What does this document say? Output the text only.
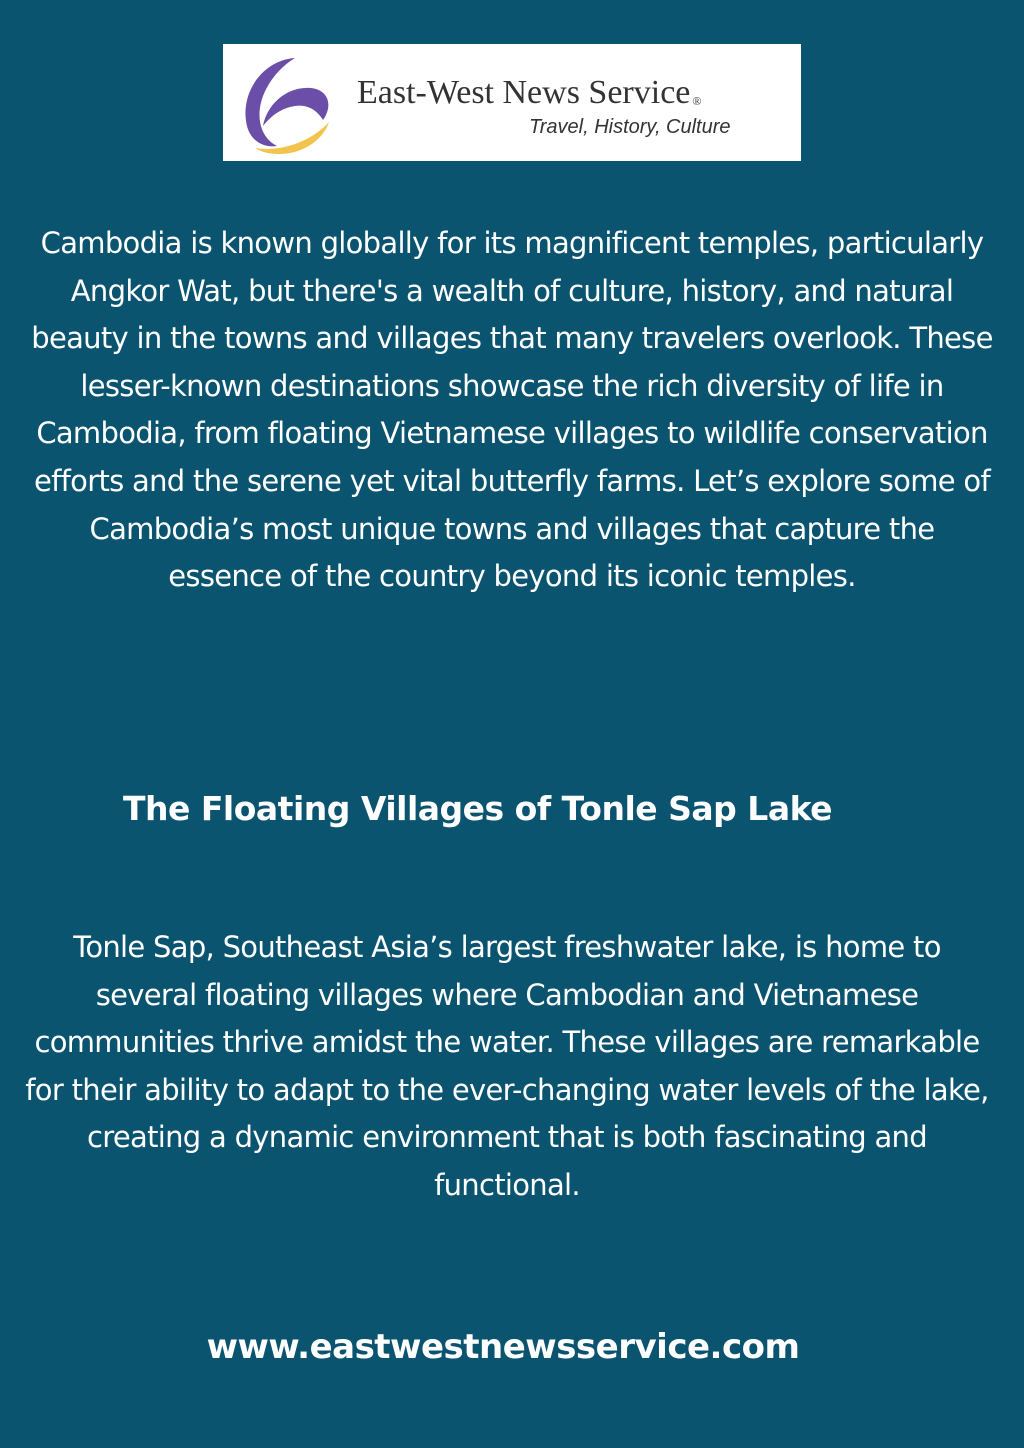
East-West News Service ®
Travel, History, Culture

Cambodia is known globally for its magnificent temples, particularly Angkor Wat, but there's a wealth of culture, history, and natural beauty in the towns and villages that many travelers overlook. These lesser-known destinations showcase the rich diversity of life in Cambodia, from floating Vietnamese villages to wildlife conservation efforts and the serene yet vital butterfly farms. Let’s explore some of Cambodia’s most unique towns and villages that capture the essence of the country beyond its iconic temples.

The Floating Villages of Tonle Sap Lake

Tonle Sap, Southeast Asia’s largest freshwater lake, is home to several floating villages where Cambodian and Vietnamese communities thrive amidst the water. These villages are remarkable for their ability to adapt to the ever-changing water levels of the lake, creating a dynamic environment that is both fascinating and functional.

www.eastwestnewsservice.com
